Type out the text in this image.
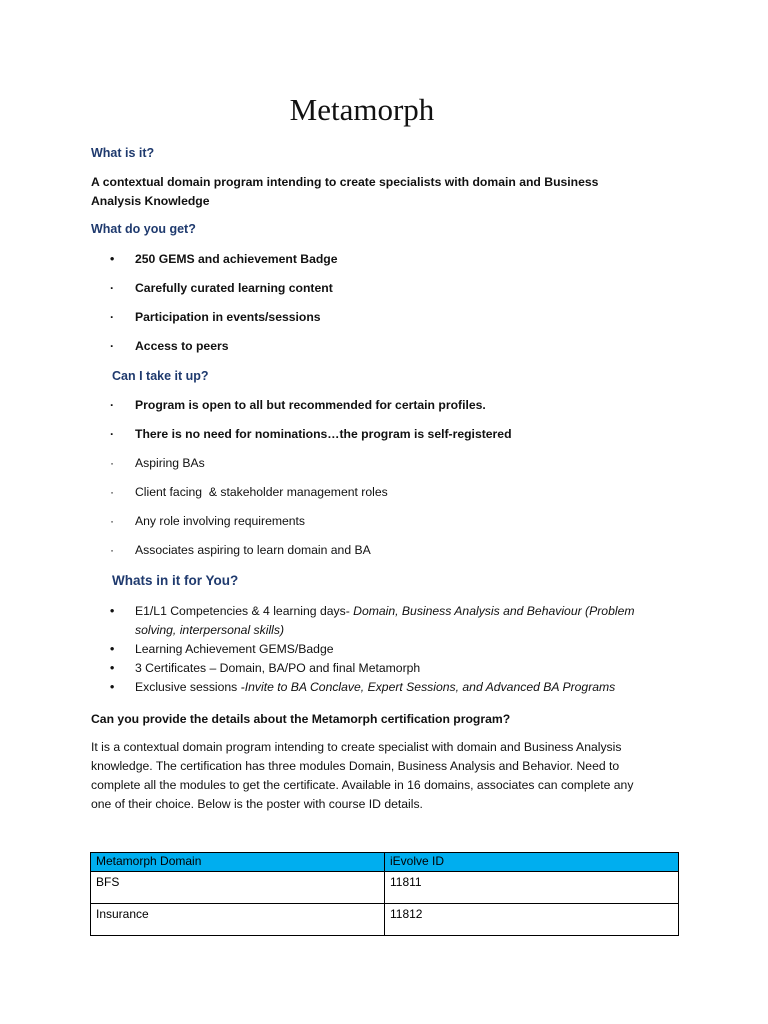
Metamorph
What is it?
A contextual domain program intending to create specialists with domain and Business Analysis Knowledge
What do you get?
• 250 GEMS and achievement Badge
· Carefully curated learning content
· Participation in events/sessions
· Access to peers
Can I take it up?
· Program is open to all but recommended for certain profiles.
· There is no need for nominations…the program is self-registered
· Aspiring BAs
· Client facing  & stakeholder management roles
· Any role involving requirements
· Associates aspiring to learn domain and BA
Whats in it for You?
• E1/L1 Competencies & 4 learning days- Domain, Business Analysis and Behaviour (Problem
solving, interpersonal skills)
• Learning Achievement GEMS/Badge
• 3 Certificates – Domain, BA/PO and final Metamorph
• Exclusive sessions -Invite to BA Conclave, Expert Sessions, and Advanced BA Programs
Can you provide the details about the Metamorph certification program?
It is a contextual domain program intending to create specialist with domain and Business Analysis
knowledge. The certification has three modules Domain, Business Analysis and Behavior. Need to
complete all the modules to get the certificate. Available in 16 domains, associates can complete any
one of their choice. Below is the poster with course ID details.
Metamorph Domain	iEvolve ID
BFS	11811
Insurance	11812
